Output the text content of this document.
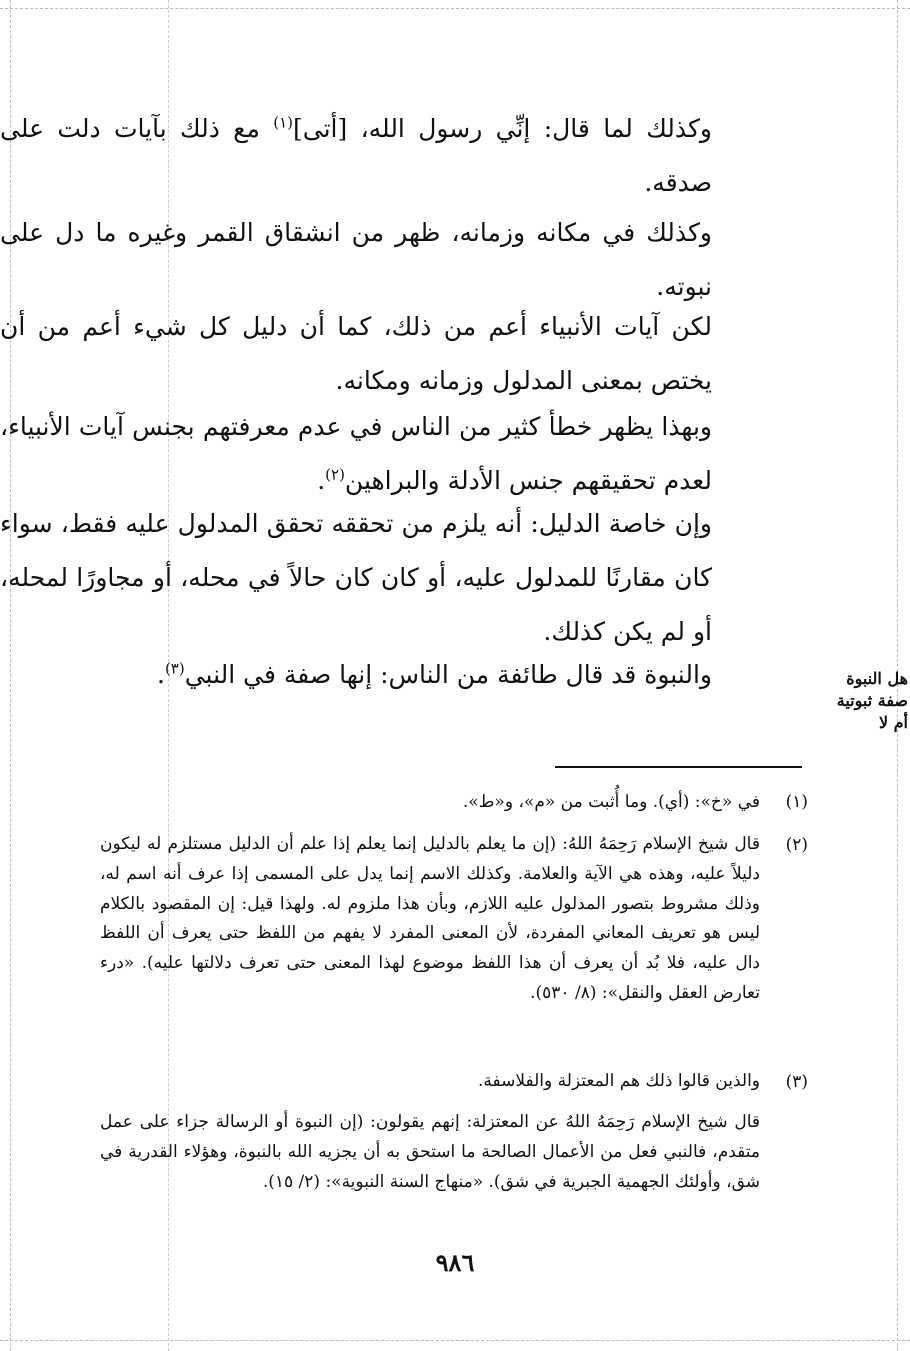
وكذلك لما قال: إنِّي رسول الله، [أتى]$^{(١)}$ مع ذلك بآيات دلت على صدقه.
وكذلك في مكانه وزمانه، ظهر من انشقاق القمر وغيره ما دل على نبوته.
لكن آيات الأنبياء أعم من ذلك، كما أن دليل كل شيء أعم من أن يختص بمعنى المدلول وزمانه ومكانه.
وبهذا يظهر خطأ كثير من الناس في عدم معرفتهم بجنس آيات الأنبياء، لعدم تحقيقهم جنس الأدلة والبراهين$^{(٢)}$.
وإن خاصة الدليل: أنه يلزم من تحققه تحقق المدلول عليه فقط، سواء كان مقارنًا للمدلول عليه، أو كان كان حالاً في محله، أو مجاورًا لمحله، أو لم يكن كذلك.
والنبوة قد قال طائفة من الناس: إنها صفة في النبي$^{(٣)}$.	هل النبوة صفة ثبوتية أم لا
(١)
في «خ»: (أي). وما أُثبت من «م»، و«ط».
(٢)
قال شيخ الإسلام رَحِمَهُ اللهُ: (إن ما يعلم بالدليل إنما يعلم إذا علم أن الدليل مستلزم له ليكون دليلاً عليه، وهذه هي الآية والعلامة. وكذلك الاسم إنما يدل على المسمى إذا عرف أنه اسم له، وذلك مشروط بتصور المدلول عليه اللازم، وبأن هذا ملزوم له. ولهذا قيل: إن المقصود بالكلام ليس هو تعريف المعاني المفردة، لأن المعنى المفرد لا يفهم من اللفظ حتى يعرف أن اللفظ دال عليه، فلا بُد أن يعرف أن هذا اللفظ موضوع لهذا المعنى حتى تعرف دلالتها عليه). «درء تعارض العقل والنقل»: (٨/ ٥٣٠).
(٣)
والذين قالوا ذلك هم المعتزلة والفلاسفة.
قال شيخ الإسلام رَحِمَهُ اللهُ عن المعتزلة: إنهم يقولون: (إن النبوة أو الرسالة جزاء على عمل متقدم، فالنبي فعل من الأعمال الصالحة ما استحق به أن يجزيه الله بالنبوة، وهؤلاء القدرية في شق، وأولئك الجهمية الجبرية في شق). «منهاج السنة النبوية»: (٢/ ١٥).
٩٨٦
